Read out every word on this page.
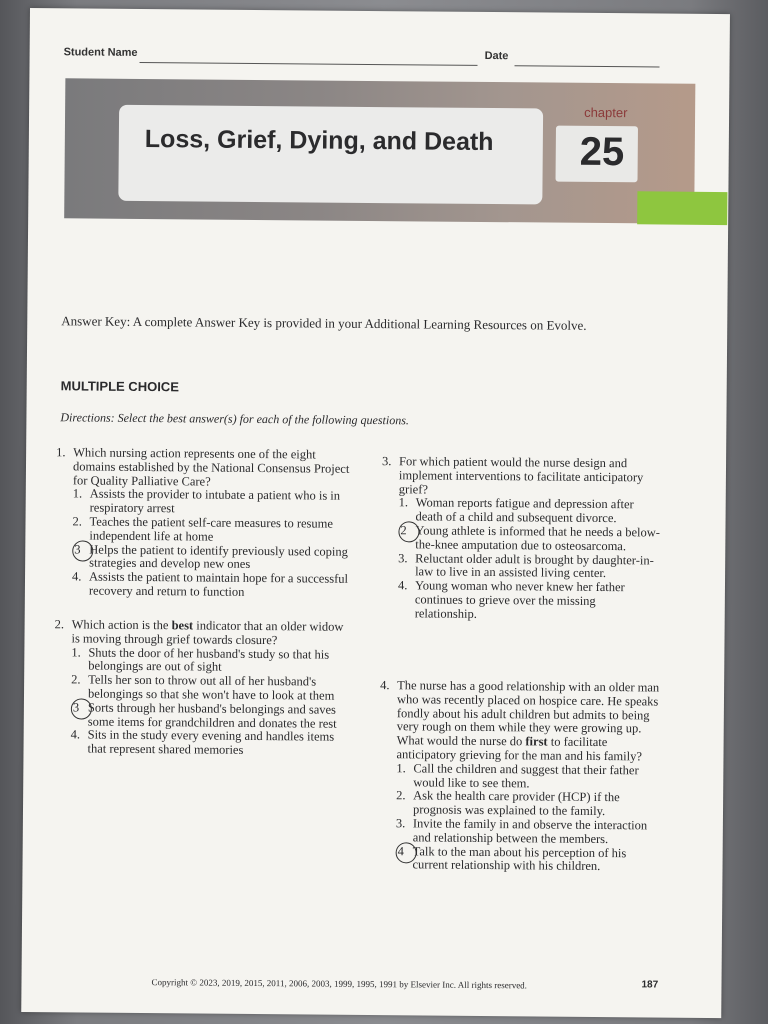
Student Name	Date
Loss, Grief, Dying, and Death
chapter
25
Answer Key: A complete Answer Key is provided in your Additional Learning Resources on Evolve.
MULTIPLE CHOICE
Directions: Select the best answer(s) for each of the following questions.
1. Which nursing action represents one of the eight domains established by the National Consensus Project for Quality Palliative Care?
1. Assists the provider to intubate a patient who is in respiratory arrest
2. Teaches the patient self-care measures to resume independent life at home
3 Helps the patient to identify previously used coping strategies and develop new ones
4. Assists the patient to maintain hope for a successful recovery and return to function
2. Which action is the best indicator that an older widow is moving through grief towards closure?
1. Shuts the door of her husband's study so that his belongings are out of sight
2. Tells her son to throw out all of her husband's belongings so that she won't have to look at them
3 Sorts through her husband's belongings and saves some items for grandchildren and donates the rest
4. Sits in the study every evening and handles items that represent shared memories
3. For which patient would the nurse design and implement interventions to facilitate anticipatory grief?
1. Woman reports fatigue and depression after death of a child and subsequent divorce.
2 Young athlete is informed that he needs a below-the-knee amputation due to osteosarcoma.
3. Reluctant older adult is brought by daughter-in-law to live in an assisted living center.
4. Young woman who never knew her father continues to grieve over the missing relationship.
4. The nurse has a good relationship with an older man who was recently placed on hospice care. He speaks fondly about his adult children but admits to being very rough on them while they were growing up. What would the nurse do first to facilitate anticipatory grieving for the man and his family?
1. Call the children and suggest that their father would like to see them.
2. Ask the health care provider (HCP) if the prognosis was explained to the family.
3. Invite the family in and observe the interaction and relationship between the members.
4 Talk to the man about his perception of his current relationship with his children.
Copyright © 2023, 2019, 2015, 2011, 2006, 2003, 1999, 1995, 1991 by Elsevier Inc. All rights reserved.	187
